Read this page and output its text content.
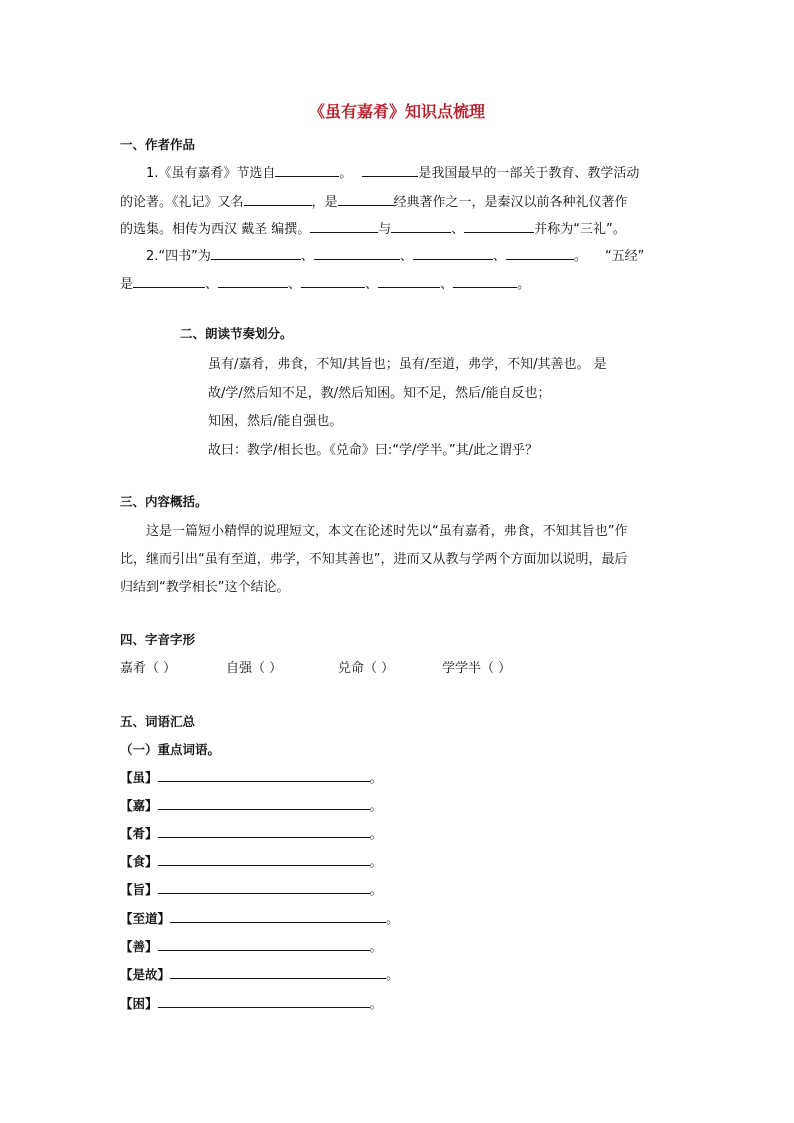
《虽有嘉肴》知识点梳理
一、作者作品
1.《虽有嘉肴》节选自	。	是我国最早的一部关于教育、教学活动
的论著。《礼记》又名	，是	经典著作之一，是秦汉以前各种礼仪著作
的选集。相传为西汉 戴圣 编撰。	与	、	并称为“三礼”。
2.“四书”为	、	、	、	。 “五经”
是	、	、	、	、	。
二、朗读节奏划分。
虽有/嘉肴，弗食，不知/其旨也；虽有/至道，弗学，不知/其善也。 是
故/学/然后知不足，教/然后知困。知不足，然后/能自反也；
知困，然后/能自强也。
故曰：教学/相长也。《兑命》曰:“学/学半。”其/此之谓乎？
三、内容概括。
这是一篇短小精悍的说理短文，本文在论述时先以“虽有嘉肴，弗食，不知其旨也”作
比，继而引出“虽有至道，弗学，不知其善也”，进而又从教与学两个方面加以说明，最后
归结到“教学相长”这个结论。
四、字音字形
嘉肴（ ）	自强（ ）	兑命（ ）	学学半（ ）
五、词语汇总
（一）重点词语。
【虽】	。
【嘉】	。
【肴】	。
【食】	。
【旨】	。
【至道】	。
【善】	。
【是故】	。
【困】	。
